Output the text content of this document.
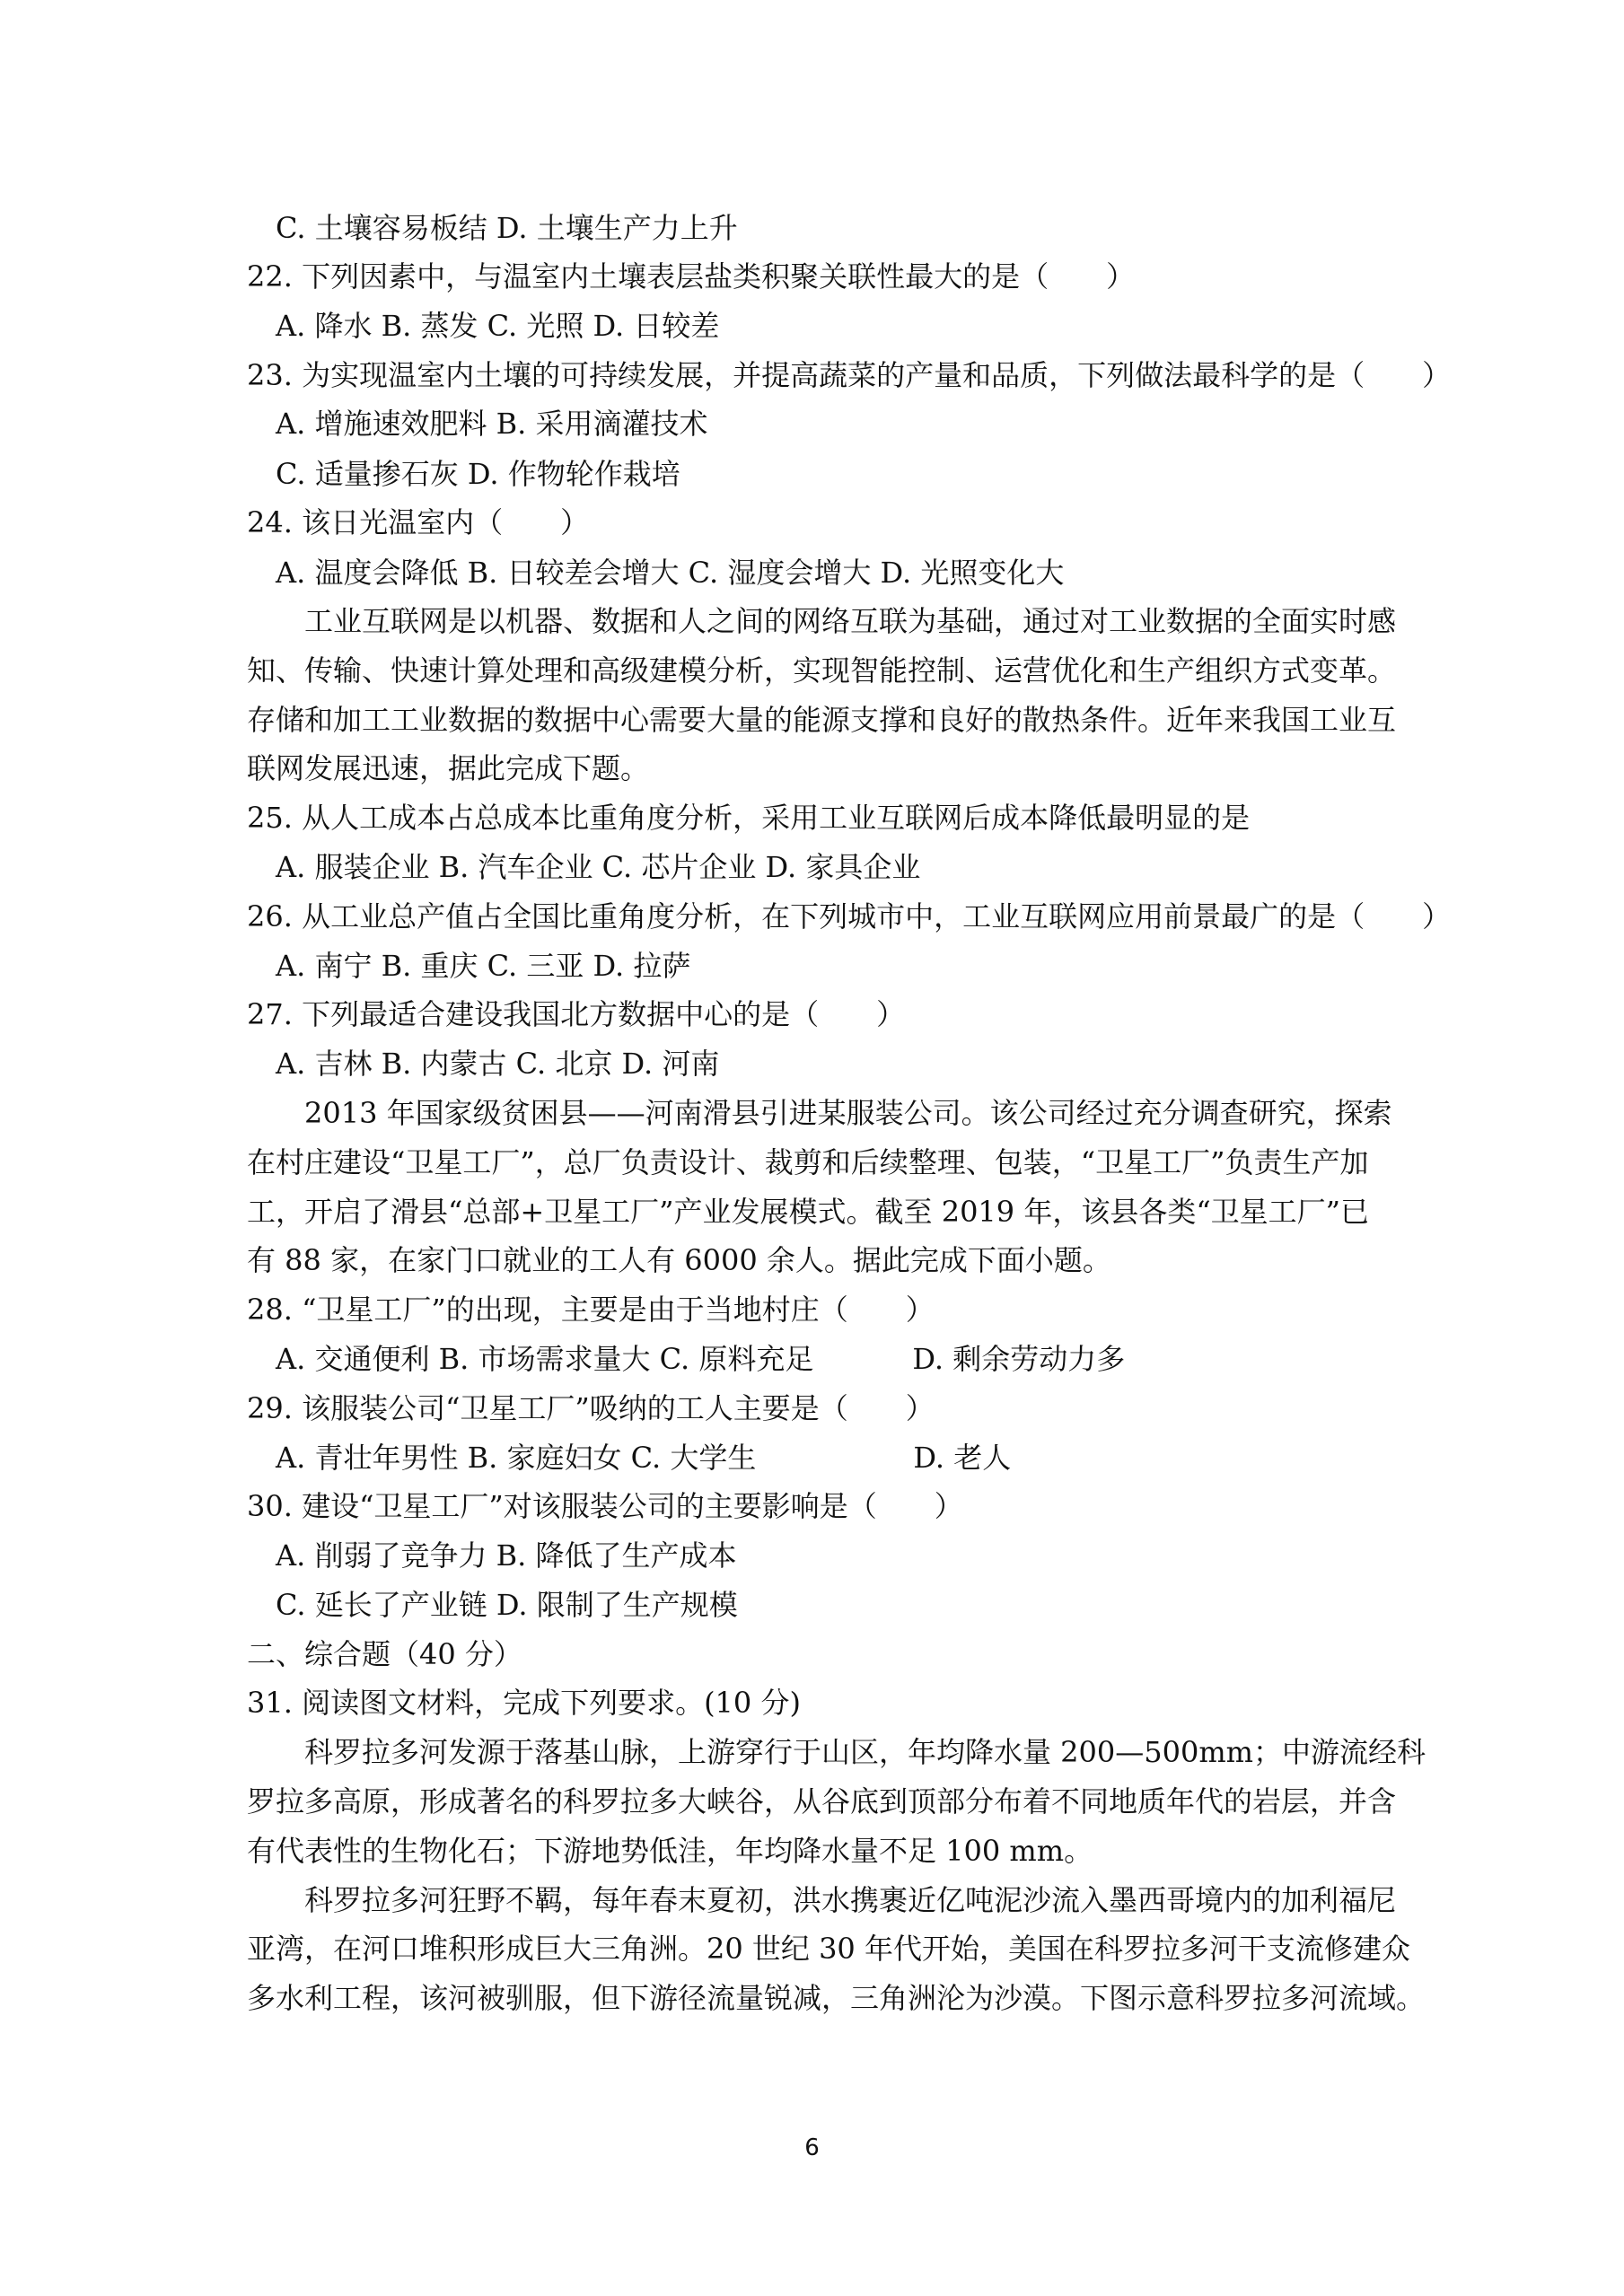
C. 土壤容易板结 D. 土壤生产力上升
22. 下列因素中，与温室内土壤表层盐类积聚关联性最大的是（　　）
A. 降水 B. 蒸发 C. 光照 D. 日较差
23. 为实现温室内土壤的可持续发展，并提高蔬菜的产量和品质，下列做法最科学的是（　　）
A. 增施速效肥料 B. 采用滴灌技术
C. 适量掺石灰 D. 作物轮作栽培
24. 该日光温室内（　　）
A. 温度会降低 B. 日较差会增大 C. 湿度会增大 D. 光照变化大
工业互联网是以机器、数据和人之间的网络互联为基础，通过对工业数据的全面实时感
知、传输、快速计算处理和高级建模分析，实现智能控制、运营优化和生产组织方式变革。
存储和加工工业数据的数据中心需要大量的能源支撑和良好的散热条件。近年来我国工业互
联网发展迅速，据此完成下题。
25. 从人工成本占总成本比重角度分析，采用工业互联网后成本降低最明显的是
A. 服装企业 B. 汽车企业 C. 芯片企业 D. 家具企业
26. 从工业总产值占全国比重角度分析，在下列城市中，工业互联网应用前景最广的是（　　）
A. 南宁 B. 重庆 C. 三亚 D. 拉萨
27. 下列最适合建设我国北方数据中心的是（　　）
A. 吉林 B. 内蒙古 C. 北京 D. 河南
2013 年国家级贫困县——河南滑县引进某服装公司。该公司经过充分调查研究，探索
在村庄建设“卫星工厂”，总厂负责设计、裁剪和后续整理、包装，“卫星工厂”负责生产加
工，开启了滑县“总部+卫星工厂”产业发展模式。截至 2019 年，该县各类“卫星工厂”已
有 88 家，在家门口就业的工人有 6000 余人。据此完成下面小题。
28. “卫星工厂”的出现，主要是由于当地村庄（　　）
A. 交通便利 B. 市场需求量大 C. 原料充足	D. 剩余劳动力多
29. 该服装公司“卫星工厂”吸纳的工人主要是（　　）
A. 青壮年男性 B. 家庭妇女 C. 大学生	D. 老人
30. 建设“卫星工厂”对该服装公司的主要影响是（　　）
A. 削弱了竞争力 B. 降低了生产成本
C. 延长了产业链 D. 限制了生产规模
二、综合题（40 分）
31. 阅读图文材料，完成下列要求。(10 分)
科罗拉多河发源于落基山脉，上游穿行于山区，年均降水量 200—500mm；中游流经科
罗拉多高原，形成著名的科罗拉多大峡谷，从谷底到顶部分布着不同地质年代的岩层，并含
有代表性的生物化石；下游地势低洼，年均降水量不足 100 mm。
科罗拉多河狂野不羁，每年春末夏初，洪水携裹近亿吨泥沙流入墨西哥境内的加利福尼
亚湾，在河口堆积形成巨大三角洲。20 世纪 30 年代开始，美国在科罗拉多河干支流修建众
多水利工程，该河被驯服，但下游径流量锐减，三角洲沦为沙漠。下图示意科罗拉多河流域。
6
